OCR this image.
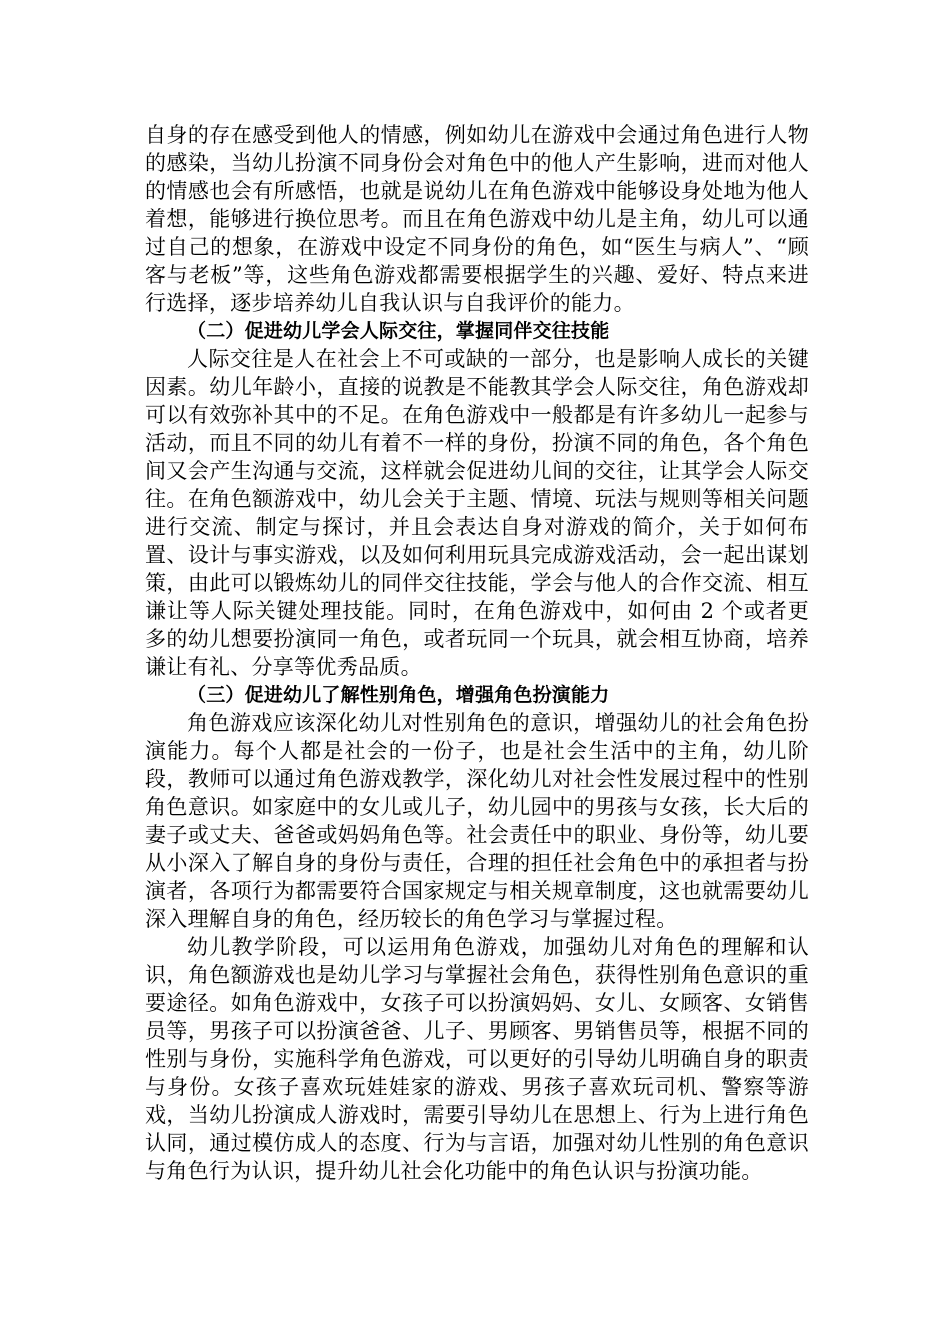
自身的存在感受到他人的情感，例如幼儿在游戏中会通过角色进行人物的感染，当幼儿扮演不同身份会对角色中的他人产生影响，进而对他人的情感也会有所感悟，也就是说幼儿在角色游戏中能够设身处地为他人着想，能够进行换位思考。而且在角色游戏中幼儿是主角，幼儿可以通过自己的想象，在游戏中设定不同身份的角色，如“医生与病人”、“顾客与老板”等，这些角色游戏都需要根据学生的兴趣、爱好、特点来进行选择，逐步培养幼儿自我认识与自我评价的能力。

（二）促进幼儿学会人际交往，掌握同伴交往技能

人际交往是人在社会上不可或缺的一部分，也是影响人成长的关键因素。幼儿年龄小，直接的说教是不能教其学会人际交往，角色游戏却可以有效弥补其中的不足。在角色游戏中一般都是有许多幼儿一起参与活动，而且不同的幼儿有着不一样的身份，扮演不同的角色，各个角色间又会产生沟通与交流，这样就会促进幼儿间的交往，让其学会人际交往。在角色额游戏中，幼儿会关于主题、情境、玩法与规则等相关问题进行交流、制定与探讨，并且会表达自身对游戏的简介，关于如何布置、设计与事实游戏，以及如何利用玩具完成游戏活动，会一起出谋划策，由此可以锻炼幼儿的同伴交往技能，学会与他人的合作交流、相互谦让等人际关键处理技能。同时，在角色游戏中，如何由 2 个或者更多的幼儿想要扮演同一角色，或者玩同一个玩具，就会相互协商，培养谦让有礼、分享等优秀品质。

（三）促进幼儿了解性别角色，增强角色扮演能力

角色游戏应该深化幼儿对性别角色的意识，增强幼儿的社会角色扮演能力。每个人都是社会的一份子，也是社会生活中的主角，幼儿阶段，教师可以通过角色游戏教学，深化幼儿对社会性发展过程中的性别角色意识。如家庭中的女儿或儿子，幼儿园中的男孩与女孩，长大后的妻子或丈夫、爸爸或妈妈角色等。社会责任中的职业、身份等，幼儿要从小深入了解自身的身份与责任，合理的担任社会角色中的承担者与扮演者，各项行为都需要符合国家规定与相关规章制度，这也就需要幼儿深入理解自身的角色，经历较长的角色学习与掌握过程。

幼儿教学阶段，可以运用角色游戏，加强幼儿对角色的理解和认识，角色额游戏也是幼儿学习与掌握社会角色，获得性别角色意识的重要途径。如角色游戏中，女孩子可以扮演妈妈、女儿、女顾客、女销售员等，男孩子可以扮演爸爸、儿子、男顾客、男销售员等，根据不同的性别与身份，实施科学角色游戏，可以更好的引导幼儿明确自身的职责与身份。女孩子喜欢玩娃娃家的游戏、男孩子喜欢玩司机、警察等游戏，当幼儿扮演成人游戏时，需要引导幼儿在思想上、行为上进行角色认同，通过模仿成人的态度、行为与言语，加强对幼儿性别的角色意识与角色行为认识，提升幼儿社会化功能中的角色认识与扮演功能。
